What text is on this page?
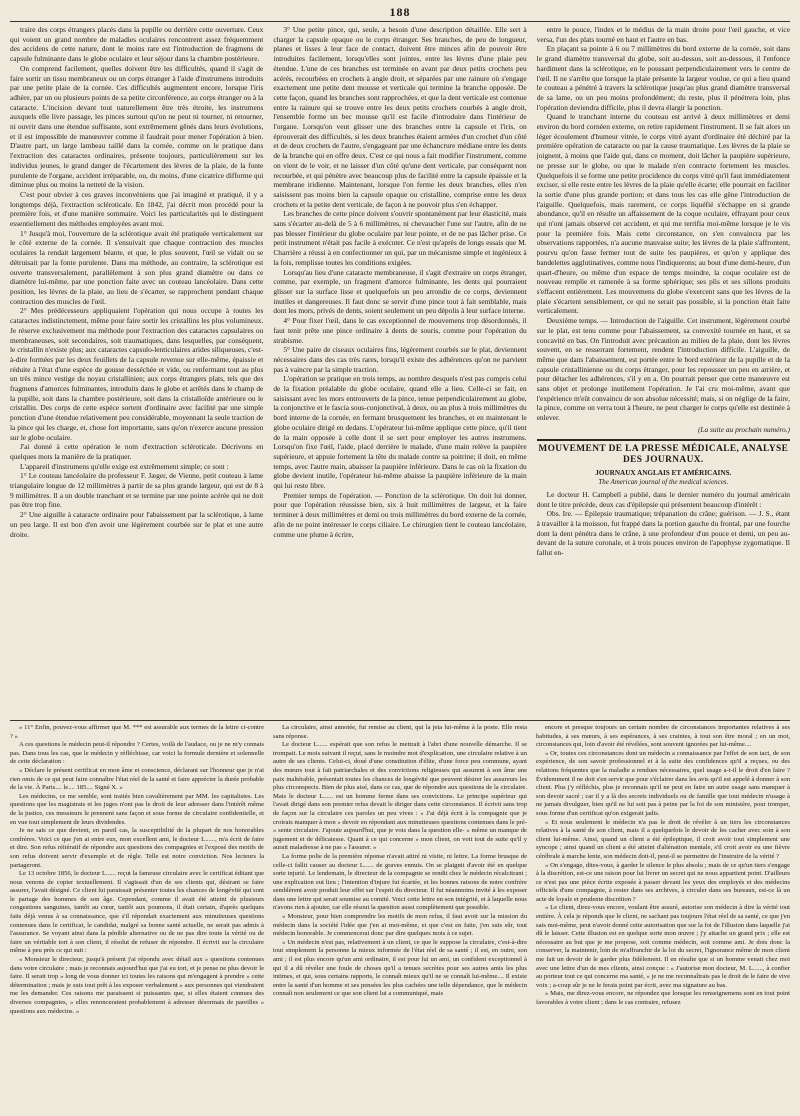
188

traire des corps étrangers placés dans la pupille ou derrière cette ouverture. Ceux qui voient un grand nombre de maladies oculaires rencontrent assez fréquemment des accidens de cette nature, dont le moins rare est l'introduction de fragmens de capsule fulminante dans le globe oculaire et leur séjour dans la chambre postérieure.

On comprend facilement, quelles doivent être les difficultés, quand il s'agit de faire sortir un tissu membraneux ou un corps étranger à l'aide d'instrumens introduits par une petite plaie de la cornée. Ces difficultés augmentent encore, lorsque l'iris adhère, par un ou plusieurs points de sa petite circonférence, au corps étranger ou à la cataracte. L'incision devant tout naturellement être très étroite, les instrumens auxquels elle livre passage, les pinces surtout qu'on ne peut ni tourner, ni retourner, ni ouvrir dans une étendue suffisante, sont extrêmement gênés dans leurs évolutions, et il est impossible de manœuvrer comme il faudrait pour mener l'opération à bien. D'autre part, un large lambeau taillé dans la cornée, comme on le pratique dans l'extraction des cataractes ordinaires, présente toujours, particulièrement sur les individus jeunes, le grand danger de l'écartement des lèvres de la plaie, de la fonte purulente de l'organe, accident irréparable, ou, du moins, d'une cicatrice difforme qui diminue plus ou moins la netteté de la vision.

C'est pour obvier à ces graves inconvéniens que j'ai imaginé et pratiqué, il y a longtemps déjà, l'extraction scléroticale. En 1842, j'ai décrit mon procédé pour la première fois, et d'une manière sommaire. Voici les particularités qui le distinguent essentiellement des méthodes employées avant moi.

1° Jusqu'à moi, l'ouverture de la sclérotique avait été pratiquée verticalement sur le côté externe de la cornée. Il s'ensuivait que chaque contraction des muscles oculaires la rendait largement béante, et que, le plus souvent, l'œil se vidait ou se détruisait par la fonte purulente. Dans ma méthode, au contraire, la sclérotique est ouverte transversalement, parallèlement à son plus grand diamètre ou dans ce diamètre lui-même, par une ponction faite avec un couteau lancéolaire. Dans cette position, les lèvres de la plaie, au lieu de s'écarter, se rapprochent pendant chaque contraction des muscles de l'œil.

2° Mes prédécesseurs appliquaient l'opération qui nous occupe à toutes les cataractes indistinctement, même pour faire sortir les cristallins les plus volumineux. Je réserve exclusivement ma méthode pour l'extraction des cataractes capsulaires ou membraneuses, soit secondaires, soit traumatiques, dans lesquelles, par conséquent, le cristallin n'existe plus; aux cataractes capsulo-lenticulaires arides siliqueuses, c'est-à-dire formées par les deux feuillets de la capsule revenue sur elle-même, épaissie et réduite à l'état d'une espèce de gousse desséchée et vide, ou renfermant tout au plus un très mince vestige du noyau cristallinien; aux corps étrangers plats, tels que des fragmens d'amorces fulminantes, introduits dans le globe et arrêtés dans le champ de la pupille, soit dans la chambre postérieure, soit dans la cristalloïde antérieure ou le cristallin. Des corps de cette espèce sortent d'ordinaire avec facilité par une simple ponction d'une étendue relativement peu considérable, moyennant la seule traction de la pince qui les charge, et, chose fort importante, sans qu'on n'exerce aucune pression sur le globe oculaire.

J'ai donné à cette opération le nom d'extraction scléroticale. Décrivons en quelques mots la manière de la pratiquer.

L'appareil d'instrumens qu'elle exige est extrêmement simple; ce sont :

1° Le couteau lancéolaire du professeur F. Jæger, de Vienne, petit couteau à lame triangulaire longue de 12 millimètres à partir de sa plus grande largeur, qui est de 8 à 9 millimètres. Il a un double tranchant et se termine par une pointe acérée qui ne doit pas être trop fine.

2° Une aiguille à cataracte ordinaire pour l'abaissement par la sclérotique, à lame un peu large. Il est bon d'en avoir une légèrement courbée sur le plat et une autre droite.

3° Une petite pince, qui, seule, a besoin d'une description détaillée. Elle sert à charger la capsule opaque ou le corps étranger. Ses branches, de peu de longueur, planes et lisses à leur face de contact, doivent être minces afin de pouvoir être introduites facilement, lorsqu'elles sont jointes, entre les lèvres d'une plaie peu étendue. L'une de ces branches est terminée en avant par deux petits crochets peu acérés, recourbées en crochets à angle droit, et séparées par une rainure où s'engage exactement une petite dent mousse et verticale qui termine la branche opposée. De cette façon, quand les branches sont rapprochées, et que la dent verticale est contenue entre la rainure qui se trouve entre les deux petits crochets courbés à angle droit, l'ensemble forme un bec mousse qu'il est facile d'introduire dans l'intérieur de l'organe. Lorsqu'on veut glisser une des branches entre la capsule et l'iris, on éprouverait des difficultés, si les deux branches étaient armées d'un crochet d'un côté et de deux crochets de l'autre, s'engageant par une échancrure médiane entre les dents de la branche qui en offre deux. C'est ce qui nous a fait modifier l'instrument, comme on vient de le voir, et ne laisser d'un côté qu'une dent verticale, par conséquent non recourbée, et qui pénètre avec beaucoup plus de facilité entre la capsule épaissie et la membrane iridienne. Maintenant, lorsque l'on ferme les deux branches, elles n'en saisissent pas moins bien la capsule opaque ou cristalline, comprise entre les deux crochets et la petite dent verticale, de façon à ne pouvoir plus s'en échapper.

Les branches de cette pince doivent s'ouvrir spontanément par leur élasticité, mais sans s'écarter au-delà de 5 à 6 millimètres, ni chevaucher l'une sur l'autre, afin de ne pas blesser l'intérieur du globe oculaire par leur pointe, et de ne pas lâcher prise. Ce petit instrument n'était pas facile à exécuter. Ce n'est qu'après de longs essais que M. Charrière a réussi à en confectionner un qui, par un mécanisme simple et ingénieux à la fois, remplisse toutes les conditions exigées.

Lorsqu'au lieu d'une cataracte membraneuse, il s'agit d'extraire un corps étranger, comme, par exemple, un fragment d'amorce fulminante, les dents qui pourraient glisser sur la surface lisse et quelquefois un peu arrondie de ce corps, deviennent inutiles et dangereuses. Il faut donc se servir d'une pince tout à fait semblable, mais dont les mors, privés de dents, soient seulement un peu dépolis à leur surface interne.

4° Pour fixer l'œil, dans le cas exceptionnel de mouvemens trop désordonnés, il faut tenir prête une pince ordinaire à dents de souris, comme pour l'opération du strabisme.

5° Une paire de ciseaux oculaires fins, légèrement courbés sur le plat, deviennent nécessaires dans des cas très rares, lorsqu'il existe des adhérences qu'on ne parvient pas à vaincre par la simple traction.

L'opération se pratique en trois temps, au nombre desquels n'est pas compris celui de la fixation préalable du globe oculaire, quand elle a lieu. Celle-ci se fait, en saisissant avec les mors entrouverts de la pince, tenue perpendiculairement au globe, la conjonctive et le fascia sous-conjonctival, à deux, ou au plus à trois millimètres du bord interne de la cornée, en fermant brusquement les branches, et en maintenant le globe oculaire dirigé en dedans. L'opérateur lui-même applique cette pince, qu'il tient de la main opposée à celle dont il se sert pour employer les autres instrumens. Lorsqu'on fixe l'œil, l'aide, placé derrière le malade, d'une main relève la paupière supérieure, et appuie fortement la tête du malade contre sa poitrine; il doit, en même temps, avec l'autre main, abaisser la paupière inférieure. Dans le cas où la fixation du globe devient inutile, l'opérateur lui-même abaisse la paupière inférieure de la main qui lui reste libre.

Premier temps de l'opération. — Ponction de la sclérotique. On doit lui donner, pour que l'opération réussisse bien, six à huit millimètres de largeur, et la faire terminer à deux millimètres et demi ou trois millimètres du bord externe de la cornée, afin de ne point intéresser le corps ciliaire. Le chirurgien tient le couteau lancéolaire, comme une plume à écrire,

entre le pouce, l'index et le médius de la main droite pour l'œil gauche, et vice versa, l'un des plats tourné en haut et l'autre en bas.

En plaçant sa pointe à 6 ou 7 millimètres du bord externe de la cornée, soit dans le grand diamètre transversal du globe, soit au-dessus, soit au-dessous, il l'enfonce hardiment dans la sclérotique, en le poussant perpendiculairement vers le centre de l'œil. Il ne s'arrête que lorsque la plaie présente la largeur voulue, ce qui a lieu quand le couteau a pénétré à travers la sclérotique jusqu'au plus grand diamètre transversal de sa lame, ou un peu moins profondément; du reste, plus il pénétrera loin, plus l'opération deviendra difficile, plus il devra élargir la ponction.

Quand le tranchant interne du couteau est arrivé à deux millimètres et demi environ du bord cornéen externe, on retire rapidement l'instrument. Il se fait alors un léger écoulement d'humeur vitrée, le corps vitré ayant d'ordinaire été déchiré par la première opération de cataracte ou par la cause traumatique. Les lèvres de la plaie se joignent, à moins que l'aide qui, dans ce moment, doit lâcher la paupière supérieure, ne presse sur le globe, ou que le malade n'en contracte fortement les muscles. Quelquefois il se forme une petite procidence du corps vitré qu'il faut immédiatement exciser, si elle reste entre les lèvres de la plaie qu'elle écarte; elle pourrait en faciliter la sortie d'une plus grande portion; et dans tous les cas elle gêne l'introduction de l'aiguille. Quelquefois, mais rarement, ce corps liquéfié s'échappe en si grande abondance, qu'il en résulte un affaissement de la coque oculaire, effrayant pour ceux qui n'ont jamais observé cet accident, et qui me terrifia moi-même lorsque je le vis pour la première fois. Mais cette circonstance, on s'en convaincra par les observations rapportées, n'a aucune mauvaise suite; les lèvres de la plaie s'affrontent, pourvu qu'on fasse fermer tout de suite les paupières, et qu'on y applique des bandelettes agglutinatives, comme nous l'indiquerons; au bout d'une demi-heure, d'un quart-d'heure, ou même d'un espace de temps moindre, la coque oculaire est de nouveau remplie et ramenée à sa forme sphérique; ses plis et ses sillons produits s'effacent entièrement. Les mouvemens du globe s'exercent sans que les lèvres de la plaie s'écartent sensiblement, ce qui ne serait pas possible, si la ponction était faite verticalement.

Deuxième temps. — Introduction de l'aiguille. Cet instrument, légèrement courbé sur le plat, est tenu comme pour l'abaissement, sa convexité tournée en haut, et sa concavité en bas. On l'introduit avec précaution au milieu de la plaie, dont les lèvres souvent, en se resserrant fortement, rendent l'introduction difficile. L'aiguille, de même que dans l'abaissement, est portée entre le bord extérieur de la pupille et de la capsule cristallinienne ou du corps étranger, pour les repousser un peu en arrière, et pour détacher les adhérences, s'il y en a. On pourrait penser que cette manœuvre est sans objet et prolonge inutilement l'opération. Je l'ai cru moi-même, avant que l'expérience m'eût convaincu de son absolue nécessité; mais, si on néglige de la faire, la pince, comme on verra tout à l'heure, ne peut charger le corps qu'elle est destinée à enlever.

(La suite au prochain numéro.)
MOUVEMENT DE LA PRESSE MÉDICALE, ANALYSE DES JOURNAUX.
JOURNAUX ANGLAIS ET AMÉRICAINS.
The American journal of the medical sciences.

Le docteur H. Campbell a publié, dans le dernier numéro du journal américain dont le titre précède, deux cas d'épilepsie qui présentent beaucoup d'intérêt :

Obs. Ire. — Épilepsie traumatique; trépanation du crâne; guérison. — J. S., étant à travailler à la moisson, fut frappé dans la portion gauche du frontal, par une fourche dont la dent pénétra dans le crâne, à une profondeur d'un pouce et demi, un peu au-devant de la suture coronale, et à trois pouces environ de l'apophyse zygomatique. Il fallut en-

» 11° Enfin, pouvez-vous affirmer que M. *** est assurable aux termes de la lettre ci-contre ? »

A ces questions le médecin peut-il répondre ? Certes, voilà de l'audace, ou je ne m'y connais pas. Dans tous les cas, que le médecin y réfléchisse, car voici la formule dernière et solennelle de cette déclaration :

« Déclare le présent certificat en mon âme et conscience, déclarant sur l'honneur que je n'ai rien omis de ce qui peut faire connaître l'état réel de la santé et faire apprécier la durée probable de la vie. À Paris.... le.... 185.... Signé X. »

Les médecins, ce me semble, sont traités bien cavalièrement par MM. les capitalistes. Les questions que les magistrats et les juges n'ont pas le droit de leur adresser dans l'intérêt même de la justice, ces messieurs le prennent sans façon et sous forme de circulaire confidentielle, et en vue tout simplement de leurs dividendes.

Je ne sais ce que devient, en pareil cas, la susceptibilité de la plupart de nos honorables confrères. Voici ce que j'en ai entre eux, mon excellent ami, le docteur L......, m'a écrit de faire et dire. Son refus réitératif de répondre aux questions des compagnies et l'exposé des motifs de son refus doivent servir d'exemple et de règle. Telle est notre conviction. Nos lecteurs la partageront.

Le 13 octobre 1856, le docteur L...... reçut la fameuse circulaire avec le certificat éditant que nous venons de copier textuellement. Il s'agissait d'un de ses clients qui, désirant se faire assurer, l'avait désigné. Ce client lui paraissait présenter toutes les chances de longévité qui sont le partage des hommes de son âge. Cependant, comme il avait été atteint de plusieurs congestions sanguines, tantôt au cœur, tantôt aux poumons, il était certain, d'après quelques faits déjà venus à sa connaissance, que s'il répondait exactement aux minutieuses questions contenues dans le certificat, le candidat, malgré sa bonne santé actuelle, ne serait pas admis à l'assurance. Se voyant ainsi dans la pénible alternative ou de ne pas dire toute la vérité ou de faire un véritable tort à son client, il résolut de refuser de répondre. Il écrivit sur la circulaire même à peu près ce qui suit :

« Monsieur le directeur, jusqu'à présent j'ai répondu avec détail aux » questions contenues dans votre circulaire ; mais je reconnais aujourd'hui que j'ai eu tort, et je pense ne plus devoir le faire. Il serait trop » long de vous donner ici toutes les raisons qui m'engagent à prendre » cette détermination ; mais je suis tout prêt à les exposer verbalement » aux personnes qui viendraient me les demander. Ces raisons me paraissent si puissantes que, si elles étaient connues des diverses compagnies, » elles renonceraient probablement à adresser désormais de pareilles » questions aux médecins. »

La circulaire, ainsi annotée, fut remise au client, qui la jeta lui-même à la poste. Elle resta sans réponse.

Le docteur L...... espérait que son refus le mettrait à l'abri d'une nouvelle démarche. Il se trompait. Le mois suivant il reçut, sans le moindre mot d'explication, une circulaire relative à un autre de ses clients. Celui-ci, doué d'une constitution d'élite, d'une force peu commune, ayant des mœurs tout à fait patriarchales et des convictions religieuses qui assurent à son âme une paix inaltérable, présentait toutes les chances de longévité que peuvent désirer les assureurs les plus circonspects. Bien de plus aisé, dans ce cas, que de répondre aux questions de la circulaire. Mais le docteur L...... est un homme ferme dans ses convictions. Le principe supérieur qui l'avait dirigé dans son premier refus devait le diriger dans cette circonstance. Il écrivit sans trop de façon sur la circulaire ces paroles un peu vives : « J'ai déjà écrit à la compagnie que je croirais manquer à mon » devoir en répondant aux minutieuses questions contenues dans le pré- » sente circulaire. J'ajoute aujourd'hui, que je vois dans la question elle- » même un manque de jugement et de délicatesse. Quant à ce qui concerne » mon client, on voit tout de suite qu'il y aurait maladresse à ne pas » l'assurer. »

La forme polie de la première réponse n'avait attiré ni visite, ni lettre. La forme brusque de celle-ci fallit causer au docteur L...... de graves ennuis. On se plaignit d'avoir été en quelque sorte injurié. Le lendemain, le directeur de la compagnie se rendit chez le médecin récalcitrant ; une explication eut lieu ; l'intention d'injure fut écartée, et les bonnes raisons de notre confrère semblèrent avoir produit leur effet sur l'esprit du directeur. Il fut néanmoins invité à les exposer dans une lettre qui serait soumise au comité. Voici cette lettre en son intégrité, et à laquelle nous n'avons rien à ajouter, car elle résout la question aussi complètement que possible.

« Monsieur, pour bien comprendre les motifs de mon refus, il faut avoir sur la mission du médecin dans la société l'idée que j'en ai moi-même, et que c'est en faite, j'en suis sûr, tout médecin honorable. Je commencerai donc par dire quelques mots à ce sujet.

« Un médecin n'est pas, relativement à un client, ce que le suppose la circulaire, c'est-à-dire tout simplement la personne la mieux informée de l'état réel de sa santé ; il est, en outre, son ami ; il est plus encore qu'un ami ordinaire, il est pour lui un ami, un confident exceptionnel à qui il a dû révéler une foule de choses qu'il a tenues secrètes pour ses autres amis les plus intimes, et qui, sous certains rapports, le connaît mieux qu'il ne se connaît lui-même.... Il existe entre la santé d'un homme et ses pensées les plus cachées une telle dépendance, que le médecin connaît non seulement ce que son client lui a communiqué, mais

encore et presque toujours un certain nombre de circonstances importantes relatives à ses habitudes, à ses mœurs, à ses espérances, à ses craintes, à tout son être moral ; en un mot, circonstances qui, loin d'avoir été révélées, sont souvent ignorées par lui-même....

« Or, toutes ces circonstances dont un médecin a connaissance par l'effet de son tact, de son expérience, de son savoir professionnel et à la suite des confidences qu'il a reçues, ou des relations fréquentes que la maladie a rendues nécessaires, quel usage a-t-il le droit d'en faire ? Évidemment il ne doit s'en servir que pour s'éclairer dans les avis qu'il est appelé à donner à son client. Plus j'y réfléchis, plus je reconnais qu'il ne peut en faire un autre usage sans manquer à son devoir sacré ; car il y a là des secrets individuels ou de famille que tout médecin n'usage à ne jamais divulguer, bien qu'il ne lui soit pas à peine par la foi de son ministère, pour tromper, sous forme d'un certificat qu'on exigerait jadis.

« Et nous seulement le médecin n'a pas le droit de révéler à un tiers les circonstances relatives à la santé de son client, mais il a quelquefois le devoir de les cacher avec soin à son client lui-même. Ainsi, quand un client a été épileptique, il croit avoir tout simplement une syncope ; ainsi quand un client a été atteint d'aliénation mentale, s'il croit avoir eu une fièvre cérébrale à marche lente, son médecin doit-il, peut-il se permettre de l'instruire de la vérité ?

« On s'engage, dites-vous, à garder le silence le plus absolu ; mais de ce qu'un tiers s'engage à la discrétion, est-ce une raison pour lui livrer un secret qui ne nous appartient point. D'ailleurs ce n'est pas une pièce écrite exposée à passer devant les yeux des employés et des médecins officiels d'une compagnie, à rester dans ses archives, à circuler dans ses bureaux, est-ce là un acte de loyale et prudente discrétion ?

« Le client, direz-vous encore, voulant être assuré, autorise son médecin à dire la vérité tout entière. À cela je réponds que le client, ne sachant pas toujours l'état réel de sa santé, ce que j'en sais moi-même, peut n'avoir donné cette autorisation que sur la foi de l'illusion dans laquelle j'ai dû le laisser. Cette illusion est en quelque sorte mon œuvre ; j'y attache un grand prix ; elle est nécessaire au but que je me propose, soit comme médecin, soit comme ami. Je dois donc la conserver, la maintenir, loin de m'affranchir de la loi du secret, l'ignorance même de mon client me fait un devoir de le garder plus fidèlement. Il en résulte que si un homme venait chez moi avec une lettre d'un de mes clients, ainsi conçue : « J'autorise mon docteur, M. L......, à confier au porteur tout ce qui concerne ma santé, » je ne me reconnaîtrais pas le droit de le faire de vive voix ; a-coup sûr je ne le ferais point par écrit, avec ma signature au bas.

» Mais, me direz-vous encore, ne répondez que lorsque les renseignemens sont en tout point favorables à votre client ; dans le cas contraire, refusez
